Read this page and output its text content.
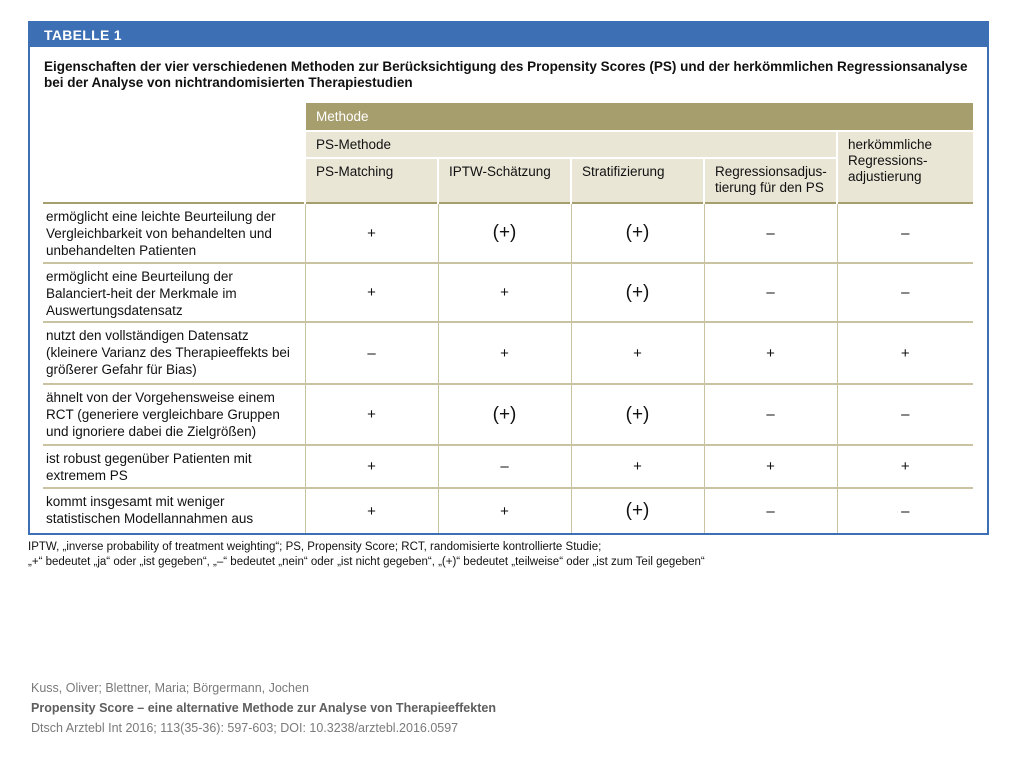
TABELLE 1
Eigenschaften der vier verschiedenen Methoden zur Berücksichtigung des Propensity Scores (PS) und der herkömmlichen Regressionsanalyse bei der Analyse von nichtrandomisierten Therapiestudien
	Methode				
	PS-Methode				herkömmliche Regressions-adjustierung
	PS-Matching	IPTW-Schätzung	Stratifizierung	Regressionsadjus-tierung für den PS	
ermöglicht eine leichte Beurteilung der Vergleichbarkeit von behandelten und unbehandelten Patienten	+	(+)	(+)	–	–
ermöglicht eine Beurteilung der Balanciert-heit der Merkmale im Auswertungsdatensatz	+	+	(+)	–	–
nutzt den vollständigen Datensatz (kleinere Varianz des Therapieeffekts bei größerer Gefahr für Bias)	–	+	+	+	+
ähnelt von der Vorgehensweise einem RCT (generiere vergleichbare Gruppen und ignoriere dabei die Zielgrößen)	+	(+)	(+)	–	–
ist robust gegenüber Patienten mit extremem PS	+	–	+	+	+
kommt insgesamt mit weniger statistischen Modellannahmen aus	+	+	(+)	–	–
IPTW, „inverse probability of treatment weighting“; PS, Propensity Score; RCT, randomisierte kontrollierte Studie;
„+“ bedeutet „ja“ oder „ist gegeben“, „–“ bedeutet „nein“ oder „ist nicht gegeben“, „(+)“ bedeutet „teilweise“ oder „ist zum Teil gegeben“
Kuss, Oliver; Blettner, Maria; Börgermann, Jochen
Propensity Score – eine alternative Methode zur Analyse von Therapieeffekten
Dtsch Arztebl Int 2016; 113(35-36): 597-603; DOI: 10.3238/arztebl.2016.0597
